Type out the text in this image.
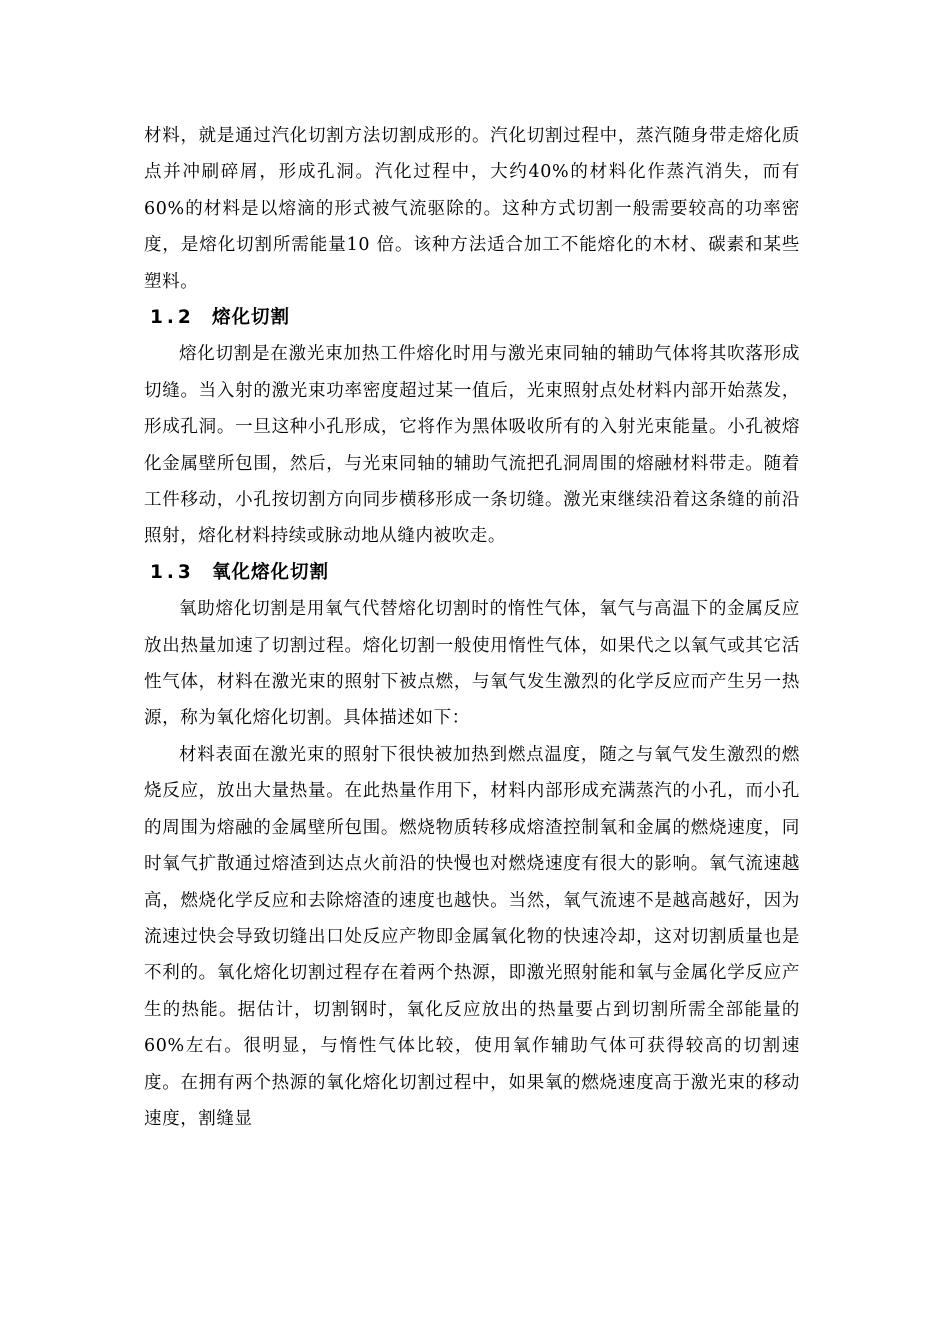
材料，就是通过汽化切割方法切割成形的。汽化切割过程中，蒸汽随身带走熔化质点并冲刷碎屑，形成孔洞。汽化过程中，大约40%的材料化作蒸汽消失，而有60%的材料是以熔滴的形式被气流驱除的。这种方式切割一般需要较高的功率密度，是熔化切割所需能量10 倍。该种方法适合加工不能熔化的木材、碳素和某些塑料。

1.2 熔化切割

熔化切割是在激光束加热工件熔化时用与激光束同轴的辅助气体将其吹落形成切缝。当入射的激光束功率密度超过某一值后，光束照射点处材料内部开始蒸发，形成孔洞。一旦这种小孔形成，它将作为黑体吸收所有的入射光束能量。小孔被熔化金属壁所包围，然后，与光束同轴的辅助气流把孔洞周围的熔融材料带走。随着工件移动，小孔按切割方向同步横移形成一条切缝。激光束继续沿着这条缝的前沿照射，熔化材料持续或脉动地从缝内被吹走。

1.3 氧化熔化切割

氧助熔化切割是用氧气代替熔化切割时的惰性气体，氧气与高温下的金属反应放出热量加速了切割过程。熔化切割一般使用惰性气体，如果代之以氧气或其它活性气体，材料在激光束的照射下被点燃，与氧气发生激烈的化学反应而产生另一热源，称为氧化熔化切割。具体描述如下：

材料表面在激光束的照射下很快被加热到燃点温度，随之与氧气发生激烈的燃烧反应，放出大量热量。在此热量作用下，材料内部形成充满蒸汽的小孔，而小孔的周围为熔融的金属壁所包围。燃烧物质转移成熔渣控制氧和金属的燃烧速度，同时氧气扩散通过熔渣到达点火前沿的快慢也对燃烧速度有很大的影响。氧气流速越高，燃烧化学反应和去除熔渣的速度也越快。当然，氧气流速不是越高越好，因为流速过快会导致切缝出口处反应产物即金属氧化物的快速冷却，这对切割质量也是不利的。氧化熔化切割过程存在着两个热源，即激光照射能和氧与金属化学反应产生的热能。据估计，切割钢时，氧化反应放出的热量要占到切割所需全部能量的60%左右。很明显，与惰性气体比较，使用氧作辅助气体可获得较高的切割速度。在拥有两个热源的氧化熔化切割过程中，如果氧的燃烧速度高于激光束的移动速度，割缝显
